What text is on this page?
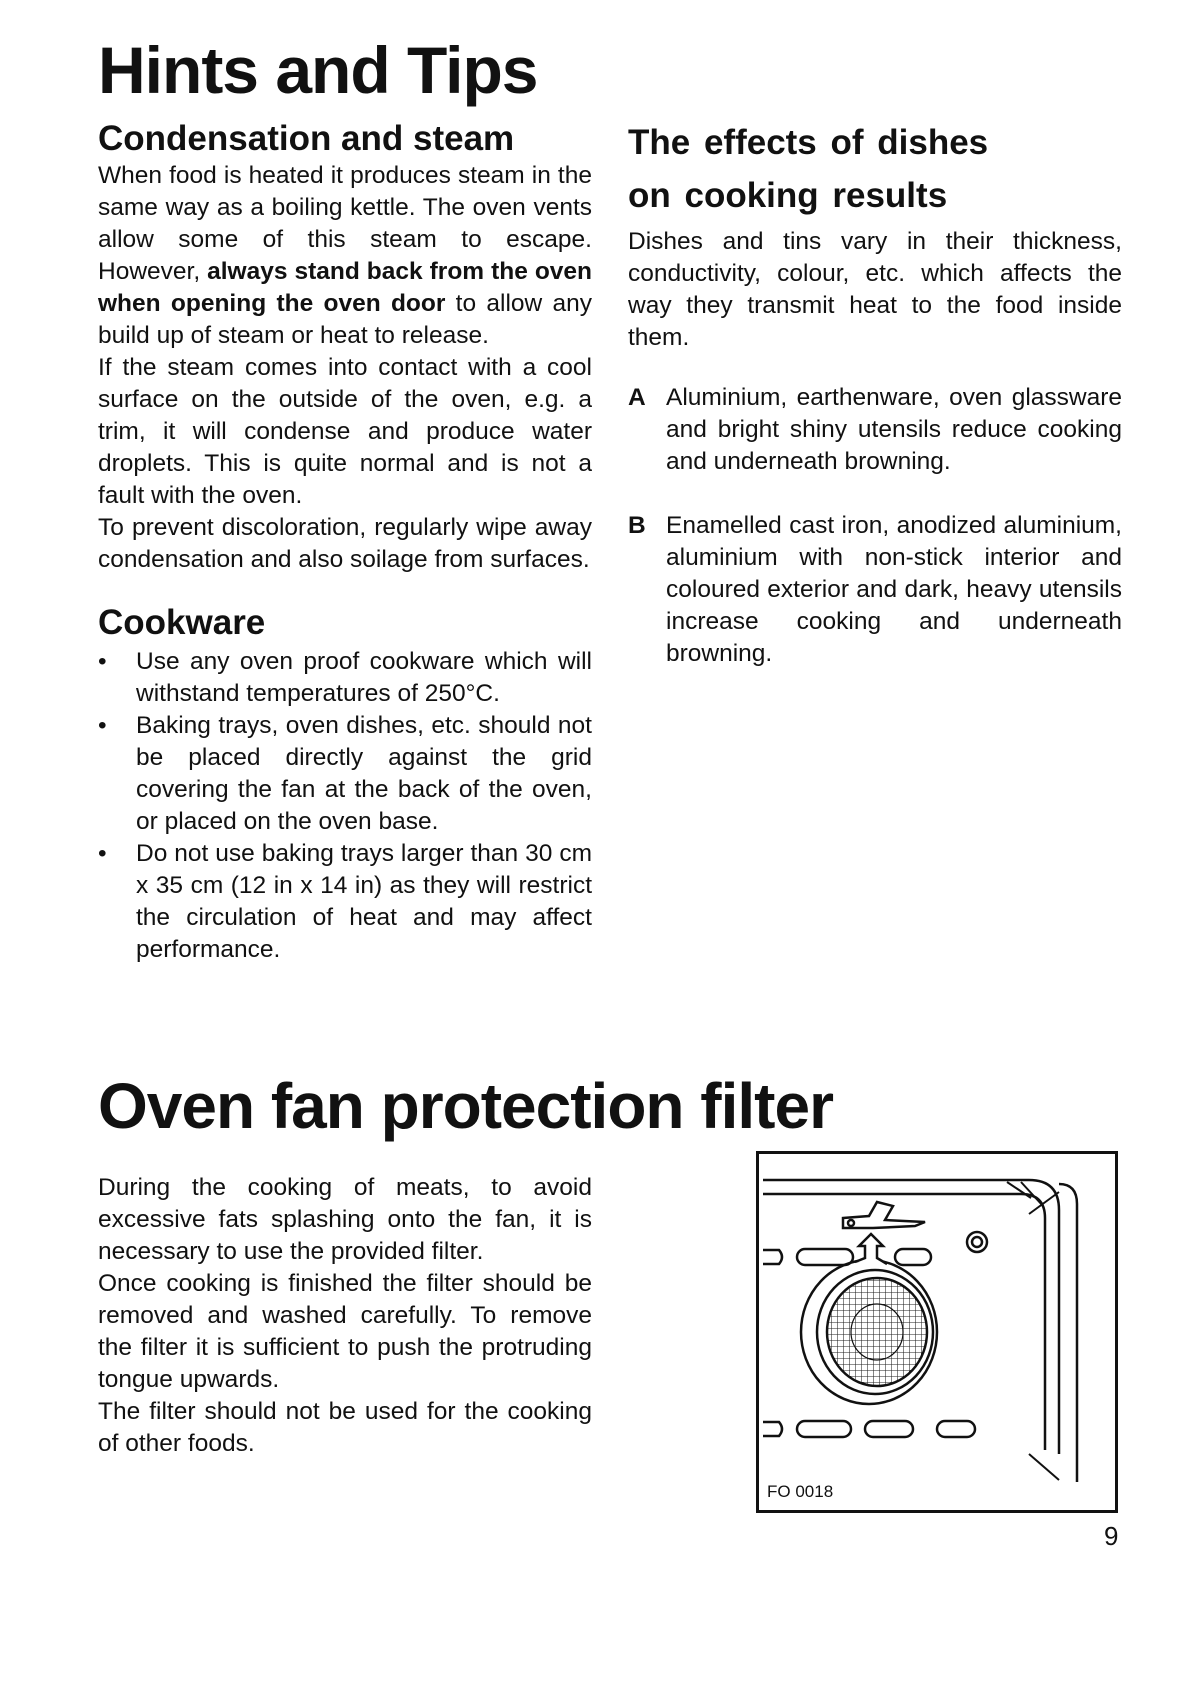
Hints and Tips
Condensation and steam

When food is heated it produces steam in the same way as a boiling kettle. The oven vents allow some of this steam to escape. However, always stand back from the oven when opening the oven door to allow any build up of steam or heat to release.

If the steam comes into contact with a cool surface on the outside of the oven, e.g. a trim, it will condense and produce water droplets. This is quite normal and is not a fault with the oven.

To prevent discoloration, regularly wipe away condensation and also soilage from surfaces.

Cookware
• Use any oven proof cookware which will withstand temperatures of 250°C.
• Baking trays, oven dishes, etc. should not be placed directly against the grid covering the fan at the back of the oven, or placed on the oven base.
• Do not use baking trays larger than 30 cm x 35 cm (12 in x 14 in) as they will restrict the circulation of heat and may affect performance.
The effects of dishes
on cooking results
Dishes and tins vary in their thickness, conductivity, colour, etc. which affects the way they transmit heat to the food inside them.
A Aluminium, earthenware, oven glassware and bright shiny utensils reduce cooking and underneath browning.
B Enamelled cast iron, anodized aluminium, aluminium with non-stick interior and coloured exterior and dark, heavy utensils increase cooking and underneath browning.
Oven fan protection filter

During the cooking of meats, to avoid excessive fats splashing onto the fan, it is necessary to use the provided filter.

Once cooking is finished the filter should be removed and washed carefully. To remove the filter it is sufficient to push the protruding tongue upwards.

The filter should not be used for the cooking of other foods.

FO 0018
9
